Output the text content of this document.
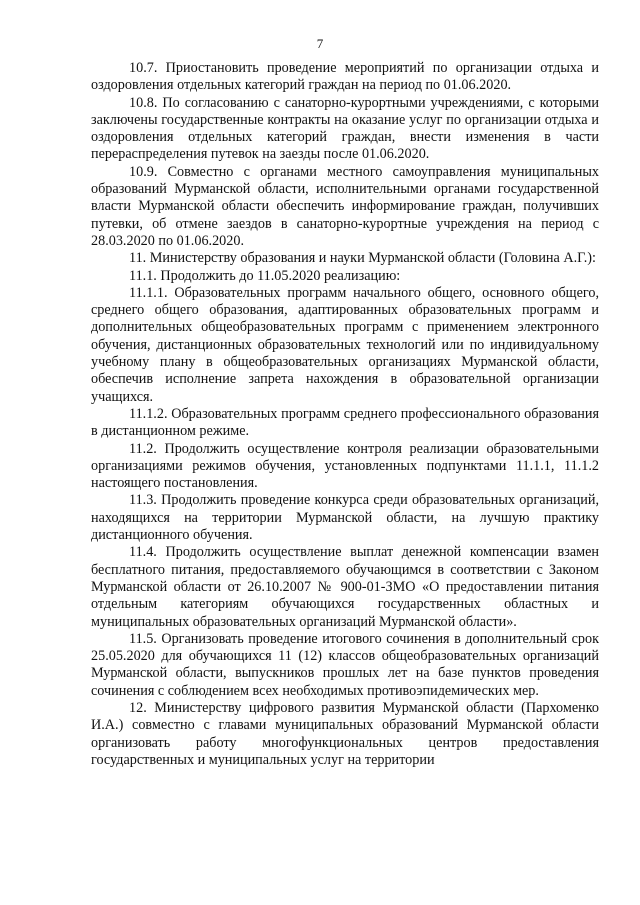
7

10.7. Приостановить проведение мероприятий по организации отдыха и оздоровления отдельных категорий граждан на период по 01.06.2020.

10.8. По согласованию с санаторно-курортными учреждениями, с которыми заключены государственные контракты на оказание услуг по организации отдыха и оздоровления отдельных категорий граждан, внести изменения в части перераспределения путевок на заезды после 01.06.2020.

10.9. Совместно с органами местного самоуправления муниципальных образований Мурманской области, исполнительными органами государственной власти Мурманской области обеспечить информирование граждан, получивших путевки, об отмене заездов в санаторно-курортные учреждения на период с 28.03.2020 по 01.06.2020.

11. Министерству образования и науки Мурманской области (Головина А.Г.):

11.1. Продолжить до 11.05.2020 реализацию:

11.1.1. Образовательных программ начального общего, основного общего, среднего общего образования, адаптированных образовательных программ и дополнительных общеобразовательных программ с применением электронного обучения, дистанционных образовательных технологий или по индивидуальному учебному плану в общеобразовательных организациях Мурманской области, обеспечив исполнение запрета нахождения в образовательной организации учащихся.

11.1.2. Образовательных программ среднего профессионального образования в дистанционном режиме.

11.2. Продолжить осуществление контроля реализации образовательными организациями режимов обучения, установленных подпунктами 11.1.1, 11.1.2 настоящего постановления.

11.3. Продолжить проведение конкурса среди образовательных организаций, находящихся на территории Мурманской области, на лучшую практику дистанционного обучения.

11.4. Продолжить осуществление выплат денежной компенсации взамен бесплатного питания, предоставляемого обучающимся в соответствии с Законом Мурманской области от 26.10.2007 № 900-01-ЗМО «О предоставлении питания отдельным категориям обучающихся государственных областных и муниципальных образовательных организаций Мурманской области».

11.5. Организовать проведение итогового сочинения в дополнительный срок 25.05.2020 для обучающихся 11 (12) классов общеобразовательных организаций Мурманской области, выпускников прошлых лет на базе пунктов проведения сочинения с соблюдением всех необходимых противоэпидемических мер.

12. Министерству цифрового развития Мурманской области (Пархоменко И.А.) совместно с главами муниципальных образований Мурманской области организовать работу многофункциональных центров предоставления государственных и муниципальных услуг на территории
